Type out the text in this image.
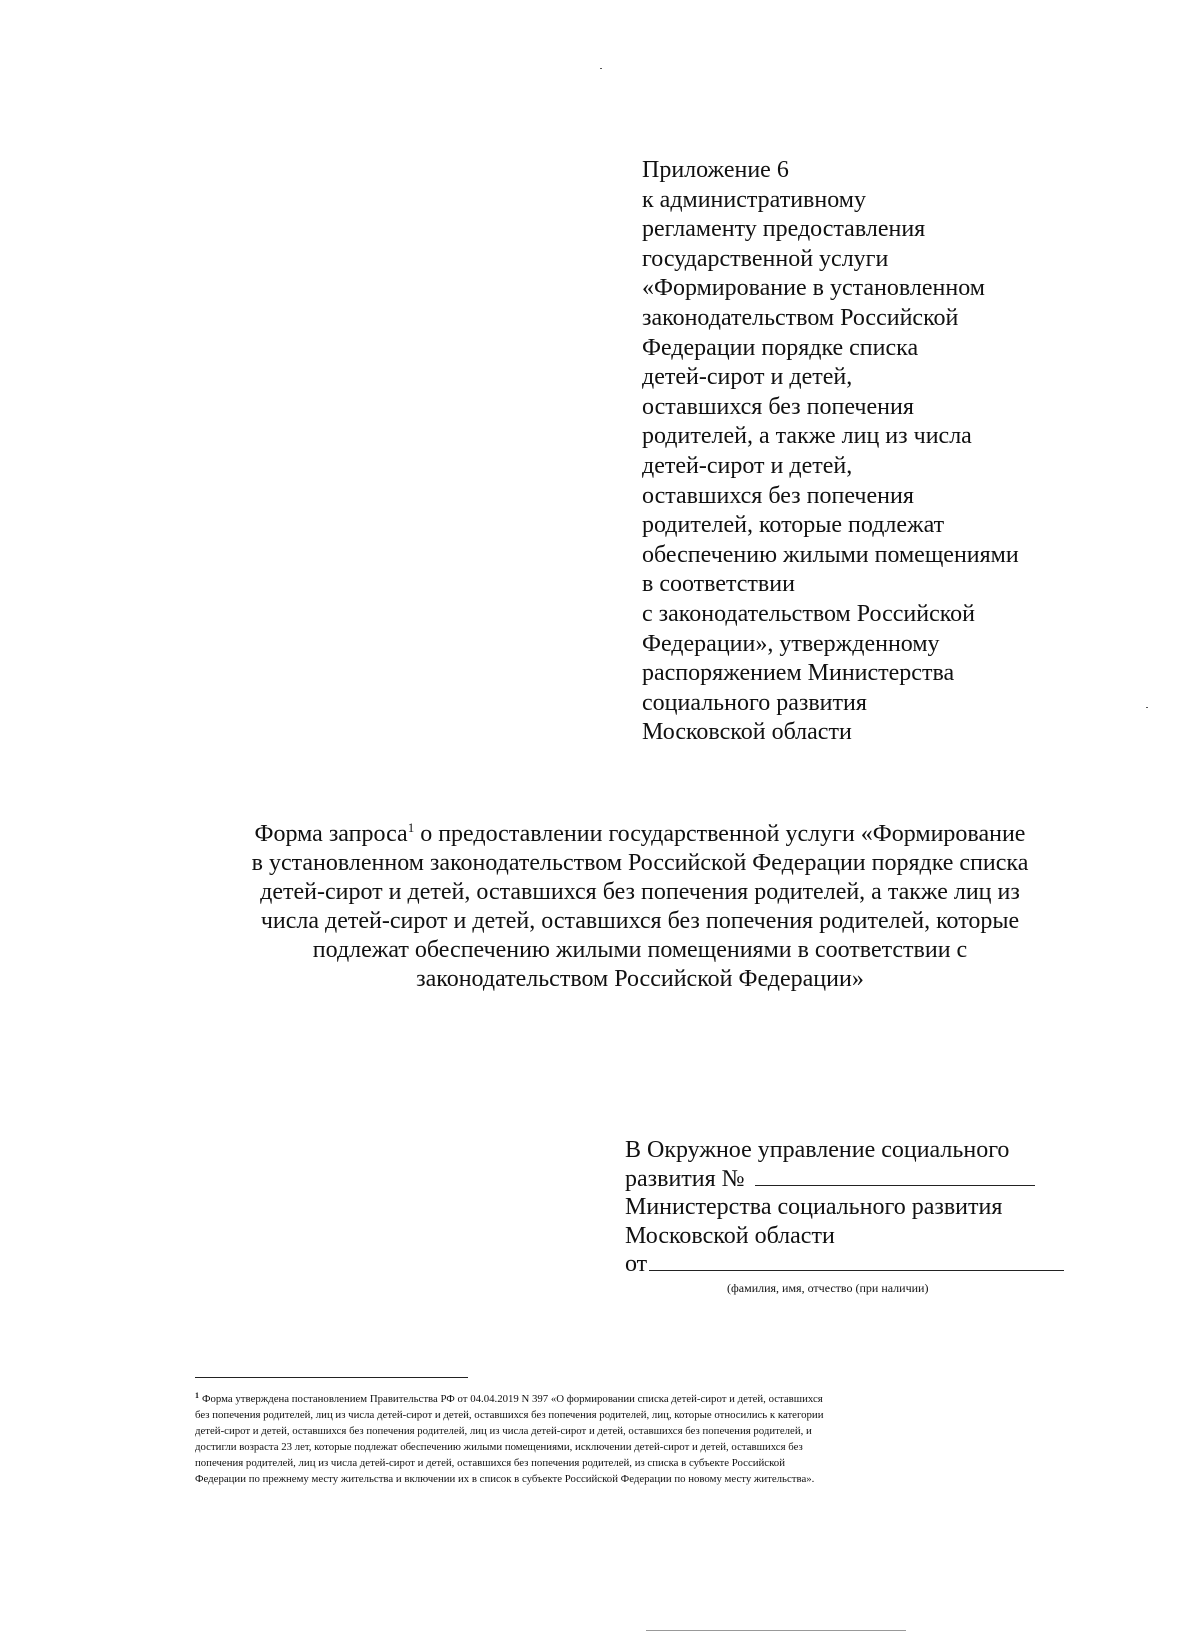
Приложение 6
к административному
регламенту предоставления
государственной услуги
«Формирование в установленном
законодательством Российской
Федерации порядке списка
детей-сирот и детей,
оставшихся без попечения
родителей, а также лиц из числа
детей-сирот и детей,
оставшихся без попечения
родителей, которые подлежат
обеспечению жилыми помещениями
в соответствии
с законодательством Российской
Федерации», утвержденному
распоряжением Министерства
социального развития
Московской области
Форма запроса$^1$ о предоставлении государственной услуги «Формирование
в установленном законодательством Российской Федерации порядке списка
детей-сирот и детей, оставшихся без попечения родителей, а также лиц из
числа детей-сирот и детей, оставшихся без попечения родителей, которые
подлежат обеспечению жилыми помещениями в соответствии с
законодательством Российской Федерации»
В Окружное управление социального
развития №
Министерства социального развития
Московской области
от
(фамилия, имя, отчество (при наличии)
$^1$ Форма утверждена постановлением Правительства РФ от 04.04.2019 N 397 «О формировании списка детей-сирот и детей, оставшихся
без попечения родителей, лиц из числа детей-сирот и детей, оставшихся без попечения родителей, лиц, которые относились к категории
детей-сирот и детей, оставшихся без попечения родителей, лиц из числа детей-сирот и детей, оставшихся без попечения родителей, и
достигли возраста 23 лет, которые подлежат обеспечению жилыми помещениями, исключении детей-сирот и детей, оставшихся без
попечения родителей, лиц из числа детей-сирот и детей, оставшихся без попечения родителей, из списка в субъекте Российской
Федерации по прежнему месту жительства и включении их в список в субъекте Российской Федерации по новому месту жительства».
